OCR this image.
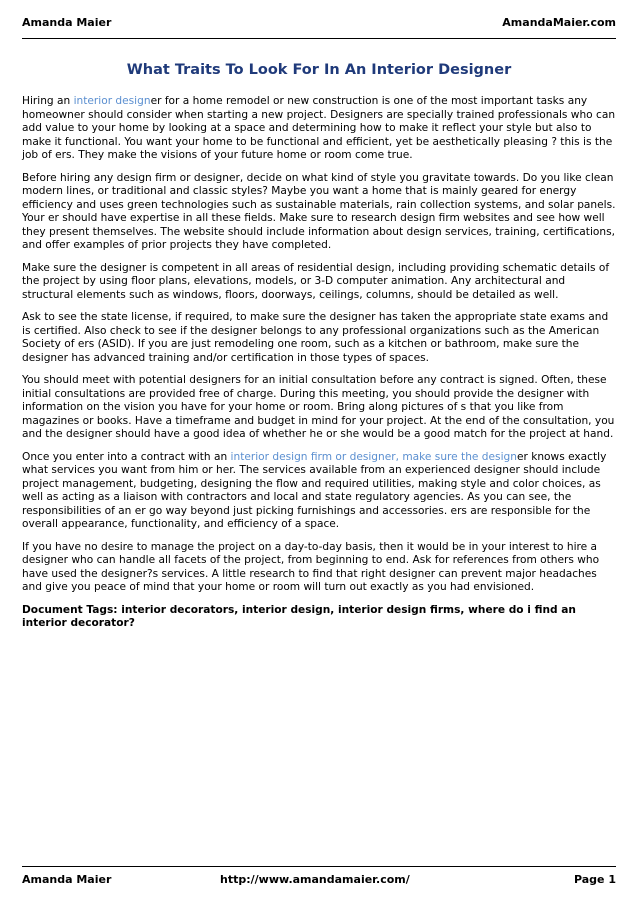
Amanda Maier	AmandaMaier.com
What Traits To Look For In An Interior Designer

Hiring an interior designer for a home remodel or new construction is one of the most important tasks any homeowner should consider when starting a new project. Designers are specially trained professionals who can add value to your home by looking at a space and determining how to make it reflect your style but also to make it functional. You want your home to be functional and efficient, yet be aesthetically pleasing ? this is the job of ers. They make the visions of your future home or room come true.

Before hiring any design firm or designer, decide on what kind of style you gravitate towards. Do you like clean modern lines, or traditional and classic styles? Maybe you want a home that is mainly geared for energy efficiency and uses green technologies such as sustainable materials, rain collection systems, and solar panels. Your er should have expertise in all these fields. Make sure to research design firm websites and see how well they present themselves. The website should include information about design services, training, certifications, and offer examples of prior projects they have completed.

Make sure the designer is competent in all areas of residential design, including providing schematic details of the project by using floor plans, elevations, models, or 3-D computer animation. Any architectural and structural elements such as windows, floors, doorways, ceilings, columns, should be detailed as well.

Ask to see the state license, if required, to make sure the designer has taken the appropriate state exams and is certified. Also check to see if the designer belongs to any professional organizations such as the American Society of ers (ASID). If you are just remodeling one room, such as a kitchen or bathroom, make sure the designer has advanced training and/or certification in those types of spaces.

You should meet with potential designers for an initial consultation before any contract is signed. Often, these initial consultations are provided free of charge. During this meeting, you should provide the designer with information on the vision you have for your home or room. Bring along pictures of s that you like from magazines or books. Have a timeframe and budget in mind for your project. At the end of the consultation, you and the designer should have a good idea of whether he or she would be a good match for the project at hand.

Once you enter into a contract with an interior design firm or designer, make sure the designer knows exactly what services you want from him or her. The services available from an experienced designer should include project management, budgeting, designing the flow and required utilities, making style and color choices, as well as acting as a liaison with contractors and local and state regulatory agencies. As you can see, the responsibilities of an er go way beyond just picking furnishings and accessories. ers are responsible for the overall appearance, functionality, and efficiency of a space.

If you have no desire to manage the project on a day-to-day basis, then it would be in your interest to hire a designer who can handle all facets of the project, from beginning to end. Ask for references from others who have used the designer?s services. A little research to find that right designer can prevent major headaches and give you peace of mind that your home or room will turn out exactly as you had envisioned.

Document Tags: interior decorators, interior design, interior design firms, where do i find an interior decorator?

Amanda Maier	http://www.amandamaier.com/	Page 1
